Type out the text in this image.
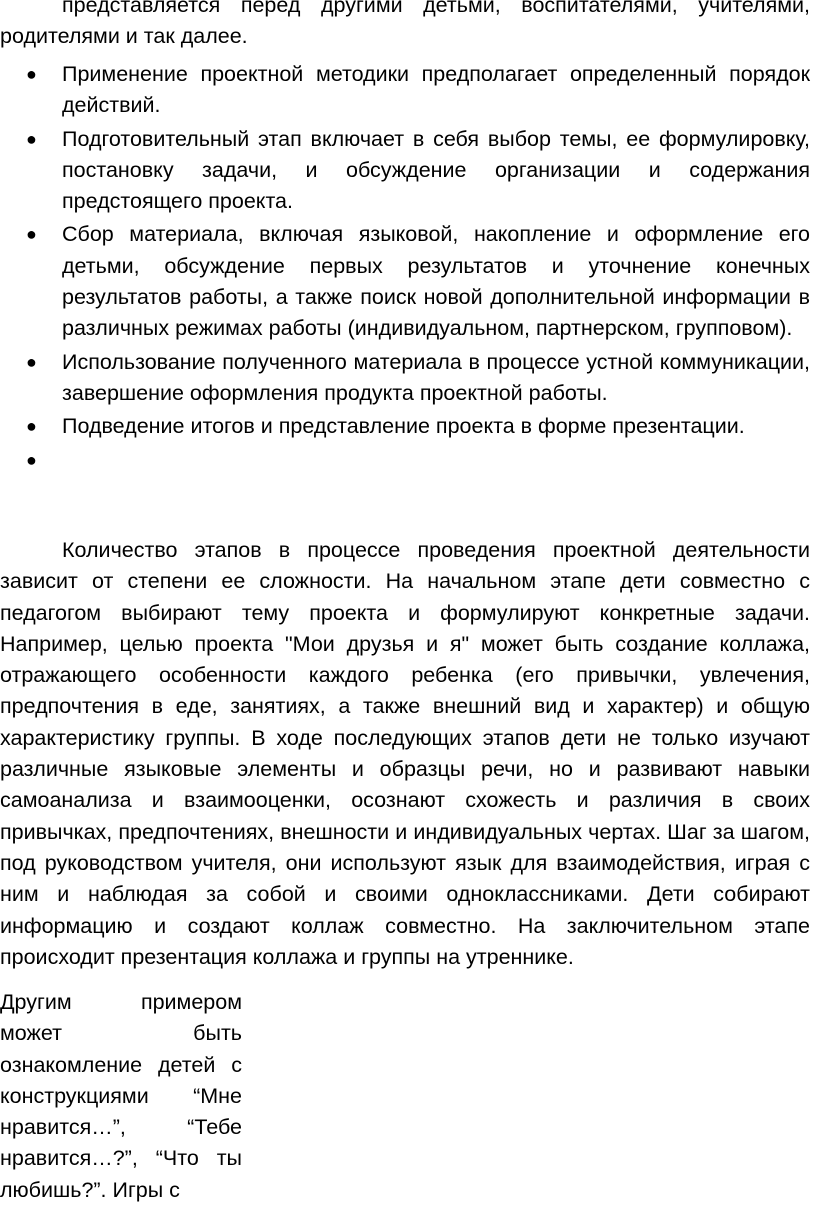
представляется перед другими детьми, воспитателями, учителями, родителями и так далее.

● Применение проектной методики предполагает определенный порядок действий.
● Подготовительный этап включает в себя выбор темы, ее формулировку, постановку задачи, и обсуждение организации и содержания предстоящего проекта.
● Сбор материала, включая языковой, накопление и оформление его детьми, обсуждение первых результатов и уточнение конечных результатов работы, а также поиск новой дополнительной информации в различных режимах работы (индивидуальном, партнерском, групповом).
● Использование полученного материала в процессе устной коммуникации, завершение оформления продукта проектной работы.
● Подведение итогов и представление проекта в форме презентации.
●

Количество этапов в процессе проведения проектной деятельности зависит от степени ее сложности. На начальном этапе дети совместно с педагогом выбирают тему проекта и формулируют конкретные задачи. Например, целью проекта "Мои друзья и я" может быть создание коллажа, отражающего особенности каждого ребенка (его привычки, увлечения, предпочтения в еде, занятиях, а также внешний вид и характер) и общую характеристику группы. В ходе последующих этапов дети не только изучают различные языковые элементы и образцы речи, но и развивают навыки самоанализа и взаимооценки, осознают схожесть и различия в своих привычках, предпочтениях, внешности и индивидуальных чертах. Шаг за шагом, под руководством учителя, они используют язык для взаимодействия, играя с ним и наблюдая за собой и своими одноклассниками. Дети собирают информацию и создают коллаж совместно. На заключительном этапе происходит презентация коллажа и группы на утреннике.

Другим примером может быть ознакомление детей с конструкциями “Мне нравится…”, “Тебе нравится…?”, “Что ты любишь?”. Игры с
